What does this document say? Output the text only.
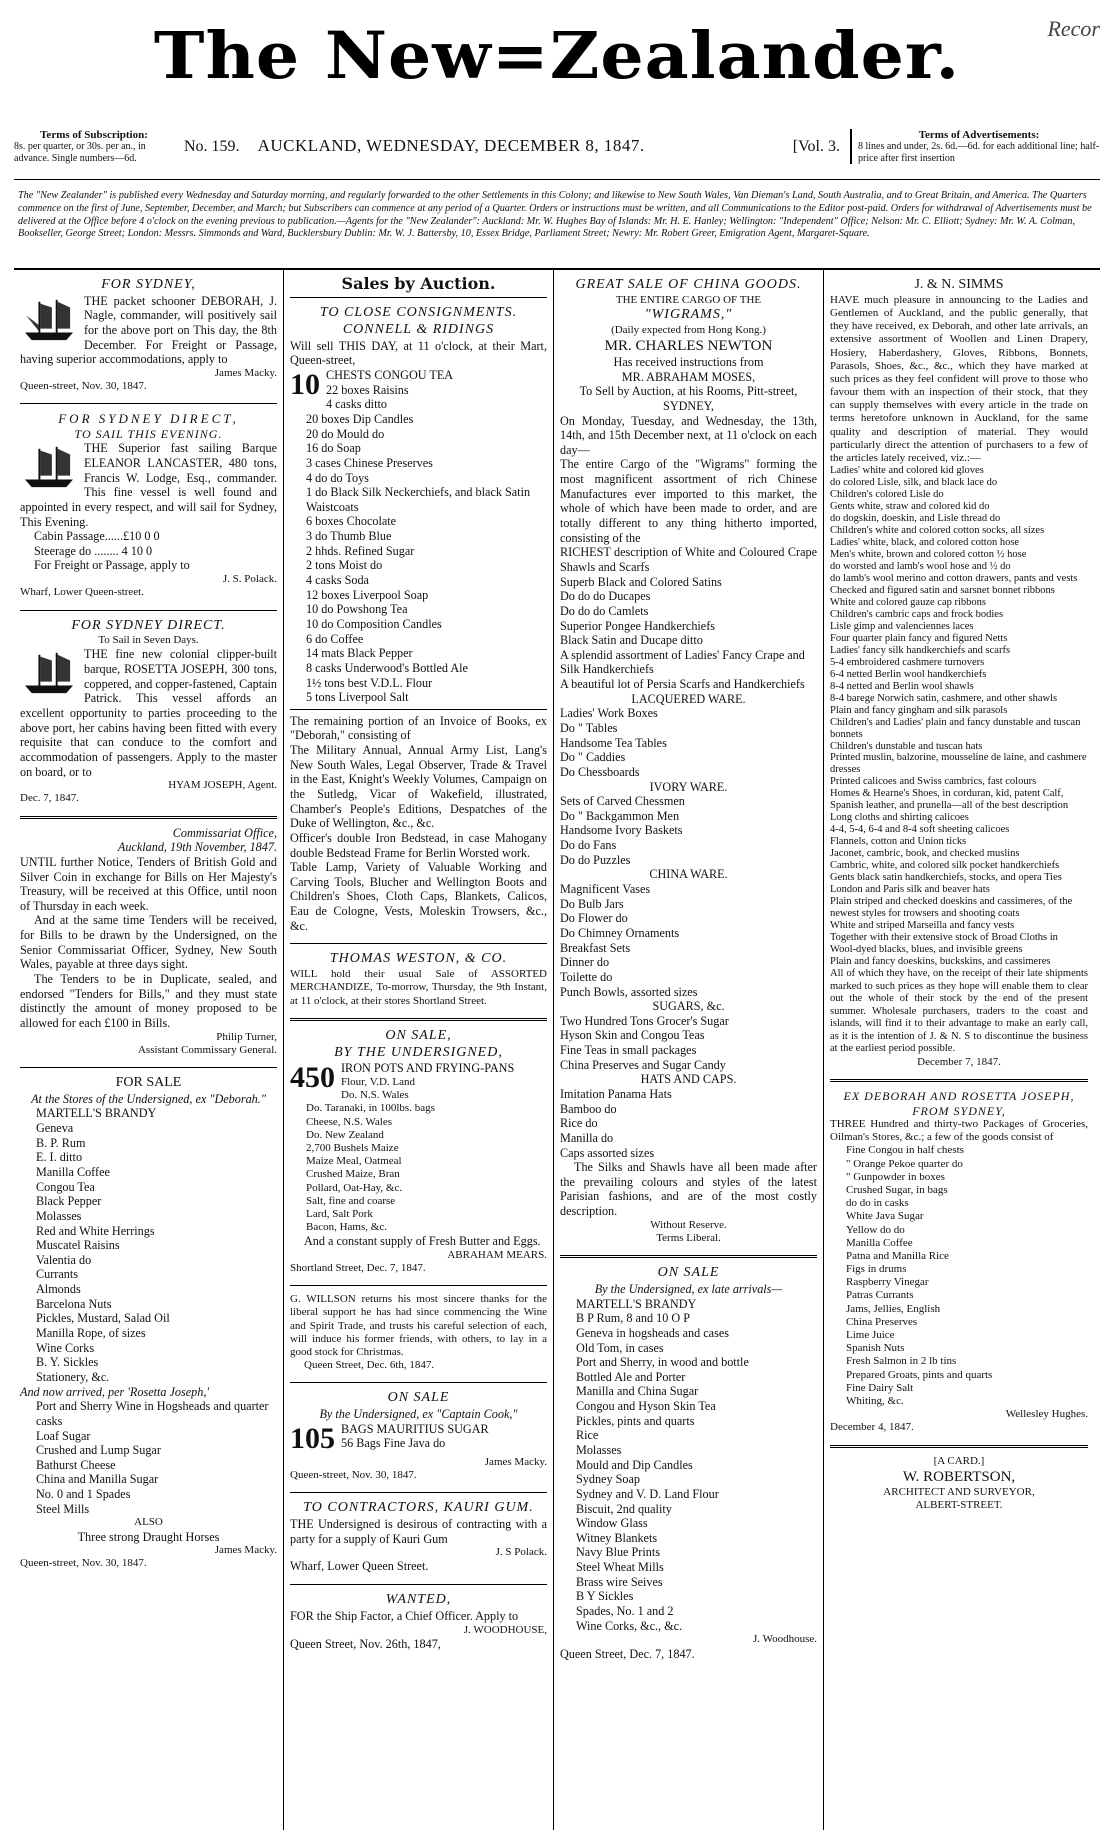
The New=Zealander.	Recor
Terms of Subscription:
8s. per quarter, or 30s. per an., in advance. Single numbers—6d.
No. 159.	AUCKLAND, WEDNESDAY, DECEMBER 8, 1847.	[Vol. 3.
Terms of Advertisements:
8 lines and under, 2s. 6d.—6d. for each additional line; half-price after first insertion
The "New Zealander" is published every Wednesday and Saturday morning, and regularly forwarded to the other Settlements in this Colony; and likewise to New South Wales, Van Dieman's Land, South Australia, and to Great Britain, and America. The Quarters commence on the first of June, September, December, and March; but Subscribers can commence at any period of a Quarter. Orders or instructions must be written, and all Communications to the Editor post-paid. Orders for withdrawal of Advertisements must be delivered at the Office before 4 o'clock on the evening previous to publication.—Agents for the "New Zealander": Auckland: Mr. W. Hughes Bay of Islands: Mr. H. E. Hanley; Wellington: "Independent" Office; Nelson: Mr. C. Elliott; Sydney: Mr. W. A. Colman, Bookseller, George Street; London: Messrs. Simmonds and Ward, Bucklersbury Dublin: Mr. W. J. Battersby, 10, Essex Bridge, Parliament Street; Newry: Mr. Robert Greer, Emigration Agent, Margaret-Square.
FOR SYDNEY,
THE packet schooner DEBORAH, J. Nagle, commander, will positively sail for the above port on This day, the 8th December. For Freight or Passage, having superior accommodations, apply to
James Macky.
Queen-street, Nov. 30, 1847.
FOR SYDNEY DIRECT,
TO SAIL THIS EVENING.
THE Superior fast sailing Barque ELEANOR LANCASTER, 480 tons, Francis W. Lodge, Esq., commander. This fine vessel is well found and appointed in every respect, and will sail for Sydney, This Evening.
Cabin Passage......£10 0 0
Steerage do ........ 4 10 0
For Freight or Passage, apply to
J. S. Polack.
Wharf, Lower Queen-street.
FOR SYDNEY DIRECT.
To Sail in Seven Days.
THE fine new colonial clipper-built barque, ROSETTA JOSEPH, 300 tons, coppered, and copper-fastened, Captain Patrick. This vessel affords an excellent opportunity to parties proceeding to the above port, her cabins having been fitted with every requisite that can conduce to the comfort and accommodation of passengers. Apply to the master on board, or to
HYAM JOSEPH, Agent.
Dec. 7, 1847.
Commissariat Office,
Auckland, 19th November, 1847.
UNTIL further Notice, Tenders of British Gold and Silver Coin in exchange for Bills on Her Majesty's Treasury, will be received at this Office, until noon of Thursday in each week.
And at the same time Tenders will be received, for Bills to be drawn by the Undersigned, on the Senior Commissariat Officer, Sydney, New South Wales, payable at three days sight.
The Tenders to be in Duplicate, sealed, and endorsed "Tenders for Bills," and they must state distinctly the amount of money proposed to be allowed for each £100 in Bills.
Philip Turner,
Assistant Commissary General.
FOR SALE
At the Stores of the Undersigned, ex "Deborah."
MARTELL'S BRANDY
Geneva
B. P. Rum
E. I. ditto
Manilla Coffee
Congou Tea
Black Pepper
Molasses
Red and White Herrings
Muscatel Raisins
Valentia do
Currants
Almonds
Barcelona Nuts
Pickles, Mustard, Salad Oil
Manilla Rope, of sizes
Wine Corks
B. Y. Sickles
Stationery, &c.
And now arrived, per 'Rosetta Joseph,'
Port and Sherry Wine in Hogsheads and quarter casks
Loaf Sugar
Crushed and Lump Sugar
Bathurst Cheese
China and Manilla Sugar
No. 0 and 1 Spades
Steel Mills
ALSO
Three strong Draught Horses
James Macky.
Queen-street, Nov. 30, 1847.
Sales by Auction.
TO CLOSE CONSIGNMENTS.
CONNELL & RIDINGS
Will sell THIS DAY, at 11 o'clock, at their Mart, Queen-street,
10 CHESTS CONGOU TEA
22 boxes Raisins
4 casks ditto
20 boxes Dip Candles
20 do Mould do
16 do Soap
3 cases Chinese Preserves
4 do do Toys
1 do Black Silk Neckerchiefs, and black Satin Waistcoats
6 boxes Chocolate
3 do Thumb Blue
2 hhds. Refined Sugar
2 tons Moist do
4 casks Soda
12 boxes Liverpool Soap
10 do Powshong Tea
10 do Composition Candles
6 do Coffee
14 mats Black Pepper
8 casks Underwood's Bottled Ale
1½ tons best V.D.L. Flour
5 tons Liverpool Salt
The remaining portion of an Invoice of Books, ex "Deborah," consisting of
The Military Annual, Annual Army List, Lang's New South Wales, Legal Observer, Trade & Travel in the East, Knight's Weekly Volumes, Campaign on the Sutledg, Vicar of Wakefield, illustrated, Chamber's People's Editions, Despatches of the Duke of Wellington, &c., &c.
Officer's double Iron Bedstead, in case Mahogany double Bedstead Frame for Berlin Worsted work.
Table Lamp, Variety of Valuable Working and Carving Tools, Blucher and Wellington Boots and Children's Shoes, Cloth Caps, Blankets, Calicos, Eau de Cologne, Vests, Moleskin Trowsers, &c., &c.
THOMAS WESTON, & CO.
WILL hold their usual Sale of ASSORTED MERCHANDIZE, To-morrow, Thursday, the 9th Instant, at 11 o'clock, at their stores Shortland Street.
ON SALE,
BY THE UNDERSIGNED,
450 IRON POTS AND FRYING-PANS
Flour, V.D. Land
Do. N.S. Wales
Do. Taranaki, in 100lbs. bags
Cheese, N.S. Wales
Do. New Zealand
2,700 Bushels Maize
Maize Meal, Oatmeal
Crushed Maize, Bran
Pollard, Oat-Hay, &c.
Salt, fine and coarse
Lard, Salt Pork
Bacon, Hams, &c.
And a constant supply of Fresh Butter and Eggs.
ABRAHAM MEARS.
Shortland Street, Dec. 7, 1847.
G. WILLSON returns his most sincere thanks for the liberal support he has had since commencing the Wine and Spirit Trade, and trusts his careful selection of each, will induce his former friends, with others, to lay in a good stock for Christmas.
Queen Street, Dec. 6th, 1847.
ON SALE
By the Undersigned, ex "Captain Cook,"
105 BAGS MAURITIUS SUGAR
56 Bags Fine Java do
James Macky.
Queen-street, Nov. 30, 1847.
TO CONTRACTORS, KAURI GUM.
THE Undersigned is desirous of contracting with a party for a supply of Kauri Gum
J. S Polack.
Wharf, Lower Queen Street.
WANTED,
FOR the Ship Factor, a Chief Officer. Apply to
J. WOODHOUSE,
Queen Street, Nov. 26th, 1847,
GREAT SALE OF CHINA GOODS.
THE ENTIRE CARGO OF THE
"WIGRAMS,"
(Daily expected from Hong Kong.)
MR. CHARLES NEWTON
Has received instructions from
MR. ABRAHAM MOSES,
To Sell by Auction, at his Rooms, Pitt-street, SYDNEY,
On Monday, Tuesday, and Wednesday, the 13th, 14th, and 15th December next, at 11 o'clock on each day—
The entire Cargo of the "Wigrams" forming the most magnificent assortment of rich Chinese Manufactures ever imported to this market, the whole of which have been made to order, and are totally different to any thing hitherto imported, consisting of the
RICHEST description of White and Coloured Crape Shawls and Scarfs
Superb Black and Colored Satins
Do do do Ducapes
Do do do Camlets
Superior Pongee Handkerchiefs
Black Satin and Ducape ditto
A splendid assortment of Ladies' Fancy Crape and Silk Handkerchiefs
A beautiful lot of Persia Scarfs and Handkerchiefs
LACQUERED WARE.
Ladies' Work Boxes
Do " Tables
Handsome Tea Tables
Do " Caddies
Do Chessboards
IVORY WARE.
Sets of Carved Chessmen
Do " Backgammon Men
Handsome Ivory Baskets
Do do Fans
Do do Puzzles
CHINA WARE.
Magnificent Vases
Do Bulb Jars
Do Flower do
Do Chimney Ornaments
Breakfast Sets
Dinner do
Toilette do
Punch Bowls, assorted sizes
SUGARS, &c.
Two Hundred Tons Grocer's Sugar
Hyson Skin and Congou Teas
Fine Teas in small packages
China Preserves and Sugar Candy
HATS AND CAPS.
Imitation Panama Hats
Bamboo do
Rice do
Manilla do
Caps assorted sizes
The Silks and Shawls have all been made after the prevailing colours and styles of the latest Parisian fashions, and are of the most costly description.
Without Reserve.
Terms Liberal.
ON SALE
By the Undersigned, ex late arrivals—
MARTELL'S BRANDY
B P Rum, 8 and 10 O P
Geneva in hogsheads and cases
Old Tom, in cases
Port and Sherry, in wood and bottle
Bottled Ale and Porter
Manilla and China Sugar
Congou and Hyson Skin Tea
Pickles, pints and quarts
Rice
Molasses
Mould and Dip Candles
Sydney Soap
Sydney and V. D. Land Flour
Biscuit, 2nd quality
Window Glass
Witney Blankets
Navy Blue Prints
Steel Wheat Mills
Brass wire Seives
B Y Sickles
Spades, No. 1 and 2
Wine Corks, &c., &c.
J. Woodhouse.
Queen Street, Dec. 7, 1847.
J. & N. SIMMS
HAVE much pleasure in announcing to the Ladies and Gentlemen of Auckland, and the public generally, that they have received, ex Deborah, and other late arrivals, an extensive assortment of Woollen and Linen Drapery, Hosiery, Haberdashery, Gloves, Ribbons, Bonnets, Parasols, Shoes, &c., &c., which they have marked at such prices as they feel confident will prove to those who favour them with an inspection of their stock, that they can supply themselves with every article in the trade on terms heretofore unknown in Auckland, for the same quality and description of material. They would particularly direct the attention of purchasers to a few of the articles lately received, viz.:—
Ladies' white and colored kid gloves
do colored Lisle, silk, and black lace do
Children's colored Lisle do
Gents white, straw and colored kid do
do dogskin, doeskin, and Lisle thread do
Children's white and colored cotton socks, all sizes
Ladies' white, black, and colored cotton hose
Men's white, brown and colored cotton ½ hose
do worsted and lamb's wool hose and ½ do
do lamb's wool merino and cotton drawers, pants and vests
Checked and figured satin and sarsnet bonnet ribbons
White and colored gauze cap ribbons
Children's cambric caps and frock bodies
Lisle gimp and valenciennes laces
Four quarter plain fancy and figured Netts
Ladies' fancy silk handkerchiefs and scarfs
5-4 embroidered cashmere turnovers
6-4 netted Berlin wool handkerchiefs
8-4 netted and Berlin wool shawls
8-4 barege Norwich satin, cashmere, and other shawls
Plain and fancy gingham and silk parasols
Children's and Ladies' plain and fancy dunstable and tuscan bonnets
Children's dunstable and tuscan hats
Printed muslin, balzorine, mousseline de laine, and cashmere dresses
Printed calicoes and Swiss cambrics, fast colours
Homes & Hearne's Shoes, in corduran, kid, patent Calf, Spanish leather, and prunella—all of the best description
Long cloths and shirting calicoes
4-4, 5-4, 6-4 and 8-4 soft sheeting calicoes
Flannels, cotton and Union ticks
Jaconet, cambric, book, and checked muslins
Cambric, white, and colored silk pocket handkerchiefs
Gents black satin handkerchiefs, stocks, and opera Ties
London and Paris silk and beaver hats
Plain striped and checked doeskins and cassimeres, of the newest styles for trowsers and shooting coats
White and striped Marseilla and fancy vests
Together with their extensive stock of Broad Cloths in
Wool-dyed blacks, blues, and invisible greens
Plain and fancy doeskins, buckskins, and cassimeres
All of which they have, on the receipt of their late shipments marked to such prices as they hope will enable them to clear out the whole of their stock by the end of the present summer. Wholesale purchasers, traders to the coast and islands, will find it to their advantage to make an early call, as it is the intention of J. & N. S to discontinue the business at the earliest period possible.
December 7, 1847.
EX DEBORAH AND ROSETTA JOSEPH,
FROM SYDNEY,
THREE Hundred and thirty-two Packages of Groceries, Oilman's Stores, &c.; a few of the goods consist of
Fine Congou in half chests
" Orange Pekoe quarter do
" Gunpowder in boxes
Crushed Sugar, in bags
do do in casks
White Java Sugar
Yellow do do
Manilla Coffee
Patna and Manilla Rice
Figs in drums
Raspberry Vinegar
Patras Currants
Jams, Jellies, English
China Preserves
Lime Juice
Spanish Nuts
Fresh Salmon in 2 lb tins
Prepared Groats, pints and quarts
Fine Dairy Salt
Whiting, &c.
Wellesley Hughes.
December 4, 1847.
[A CARD.]
W. ROBERTSON,
ARCHITECT AND SURVEYOR,
ALBERT-STREET.
